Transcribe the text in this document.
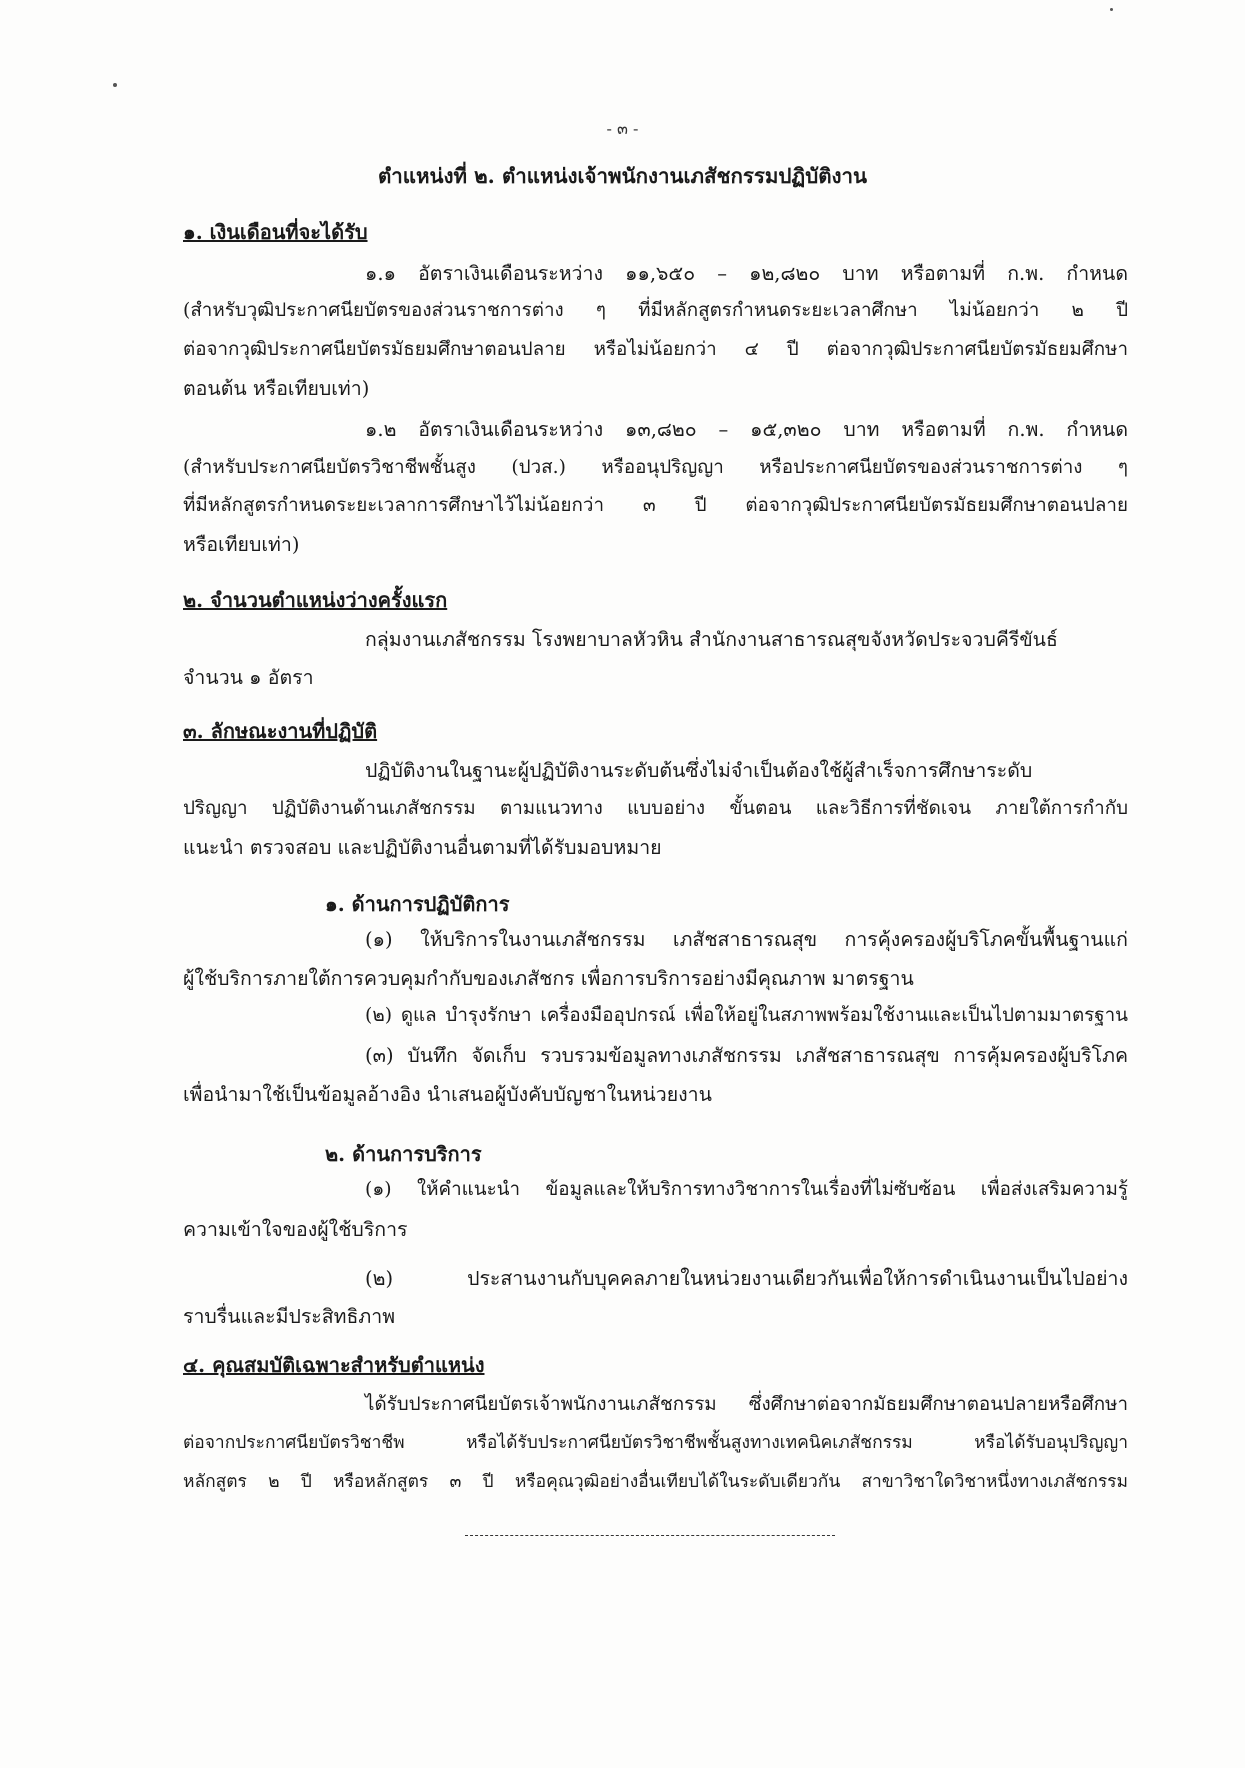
- ๓ -
ตำแหน่งที่ ๒. ตำแหน่งเจ้าพนักงานเภสัชกรรมปฏิบัติงาน
๑. เงินเดือนที่จะได้รับ
๑.๑ อัตราเงินเดือนระหว่าง ๑๑,๖๕๐ – ๑๒,๘๒๐ บาท หรือตามที่ ก.พ. กำหนด
(สำหรับวุฒิประกาศนียบัตรของส่วนราชการต่าง ๆ ที่มีหลักสูตรกำหนดระยะเวลาศึกษา ไม่น้อยกว่า ๒ ปี
ต่อจากวุฒิประกาศนียบัตรมัธยมศึกษาตอนปลาย หรือไม่น้อยกว่า ๔ ปี ต่อจากวุฒิประกาศนียบัตรมัธยมศึกษา
ตอนต้น หรือเทียบเท่า)
๑.๒ อัตราเงินเดือนระหว่าง ๑๓,๘๒๐ – ๑๕,๓๒๐ บาท หรือตามที่ ก.พ. กำหนด
(สำหรับประกาศนียบัตรวิชาชีพชั้นสูง (ปวส.) หรืออนุปริญญา หรือประกาศนียบัตรของส่วนราชการต่าง ๆ
ที่มีหลักสูตรกำหนดระยะเวลาการศึกษาไว้ไม่น้อยกว่า ๓ ปี ต่อจากวุฒิประกาศนียบัตรมัธยมศึกษาตอนปลาย
หรือเทียบเท่า)
๒. จำนวนตำแหน่งว่างครั้งแรก
กลุ่มงานเภสัชกรรม โรงพยาบาลหัวหิน สำนักงานสาธารณสุขจังหวัดประจวบคีรีขันธ์
จำนวน ๑ อัตรา
๓. ลักษณะงานที่ปฏิบัติ
ปฏิบัติงานในฐานะผู้ปฏิบัติงานระดับต้นซึ่งไม่จำเป็นต้องใช้ผู้สำเร็จการศึกษาระดับ
ปริญญา ปฏิบัติงานด้านเภสัชกรรม ตามแนวทาง แบบอย่าง ขั้นตอน และวิธีการที่ชัดเจน ภายใต้การกำกับ
แนะนำ ตรวจสอบ และปฏิบัติงานอื่นตามที่ได้รับมอบหมาย
๑. ด้านการปฏิบัติการ
(๑) ให้บริการในงานเภสัชกรรม เภสัชสาธารณสุข การคุ้งครองผู้บริโภคขั้นพื้นฐานแก่
ผู้ใช้บริการภายใต้การควบคุมกำกับของเภสัชกร เพื่อการบริการอย่างมีคุณภาพ มาตรฐาน
(๒) ดูแล บำรุงรักษา เครื่องมืออุปกรณ์ เพื่อให้อยู่ในสภาพพร้อมใช้งานและเป็นไปตามมาตรฐาน
(๓) บันทึก จัดเก็บ รวบรวมข้อมูลทางเภสัชกรรม เภสัชสาธารณสุข การคุ้มครองผู้บริโภค
เพื่อนำมาใช้เป็นข้อมูลอ้างอิง นำเสนอผู้บังคับบัญชาในหน่วยงาน
๒. ด้านการบริการ
(๑) ให้คำแนะนำ ข้อมูลและให้บริการทางวิชาการในเรื่องที่ไม่ซับซ้อน เพื่อส่งเสริมความรู้
ความเข้าใจของผู้ใช้บริการ
(๒) ประสานงานกับบุคคลภายในหน่วยงานเดียวกันเพื่อให้การดำเนินงานเป็นไปอย่าง
ราบรื่นและมีประสิทธิภาพ
๔. คุณสมบัติเฉพาะสำหรับตำแหน่ง
ได้รับประกาศนียบัตรเจ้าพนักงานเภสัชกรรม ซึ่งศึกษาต่อจากมัธยมศึกษาตอนปลายหรือศึกษา
ต่อจากประกาศนียบัตรวิชาชีพ หรือได้รับประกาศนียบัตรวิชาชีพชั้นสูงทางเทคนิคเภสัชกรรม หรือได้รับอนุปริญญา
หลักสูตร ๒ ปี หรือหลักสูตร ๓ ปี หรือคุณวุฒิอย่างอื่นเทียบได้ในระดับเดียวกัน สาขาวิชาใดวิชาหนึ่งทางเภสัชกรรม
